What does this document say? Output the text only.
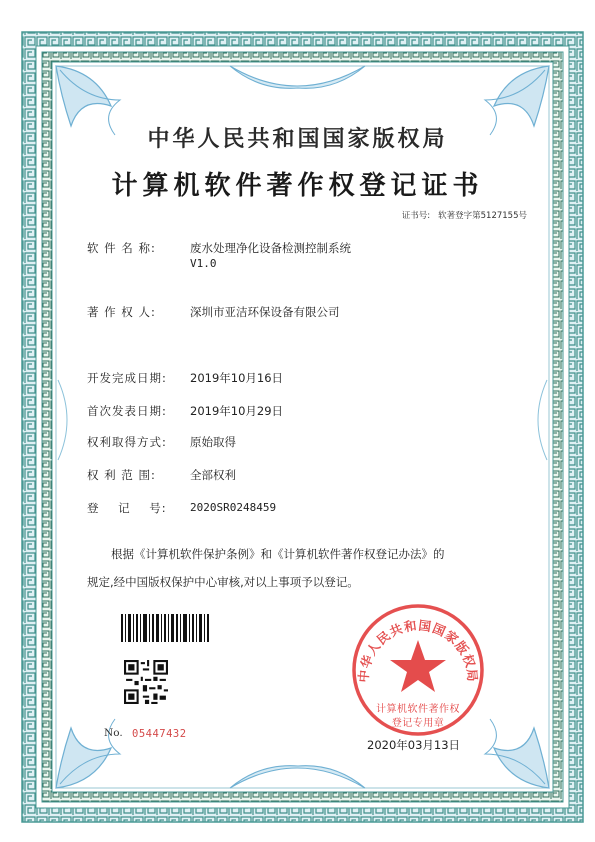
中华人民共和国国家版权局
计算机软件著作权登记证书
证书号: 软著登字第5127155号
软 件 名 称:	废水处理净化设备检测控制系统
V1.0
著 作 权 人:	深圳市亚洁环保设备有限公司
开发完成日期: 2019年10月16日
首次发表日期: 2019年10月29日
权利取得方式: 原始取得
权 利 范 围:	全部权利
登    记    号: 2020SR0248459
根据《计算机软件保护条例》和《计算机软件著作权登记办法》的
规定,经中国版权保护中心审核,对以上事项予以登记。
No. 05447432
中华人民共和国国家版权局
计算机软件著作权
登记专用章
2020年03月13日
